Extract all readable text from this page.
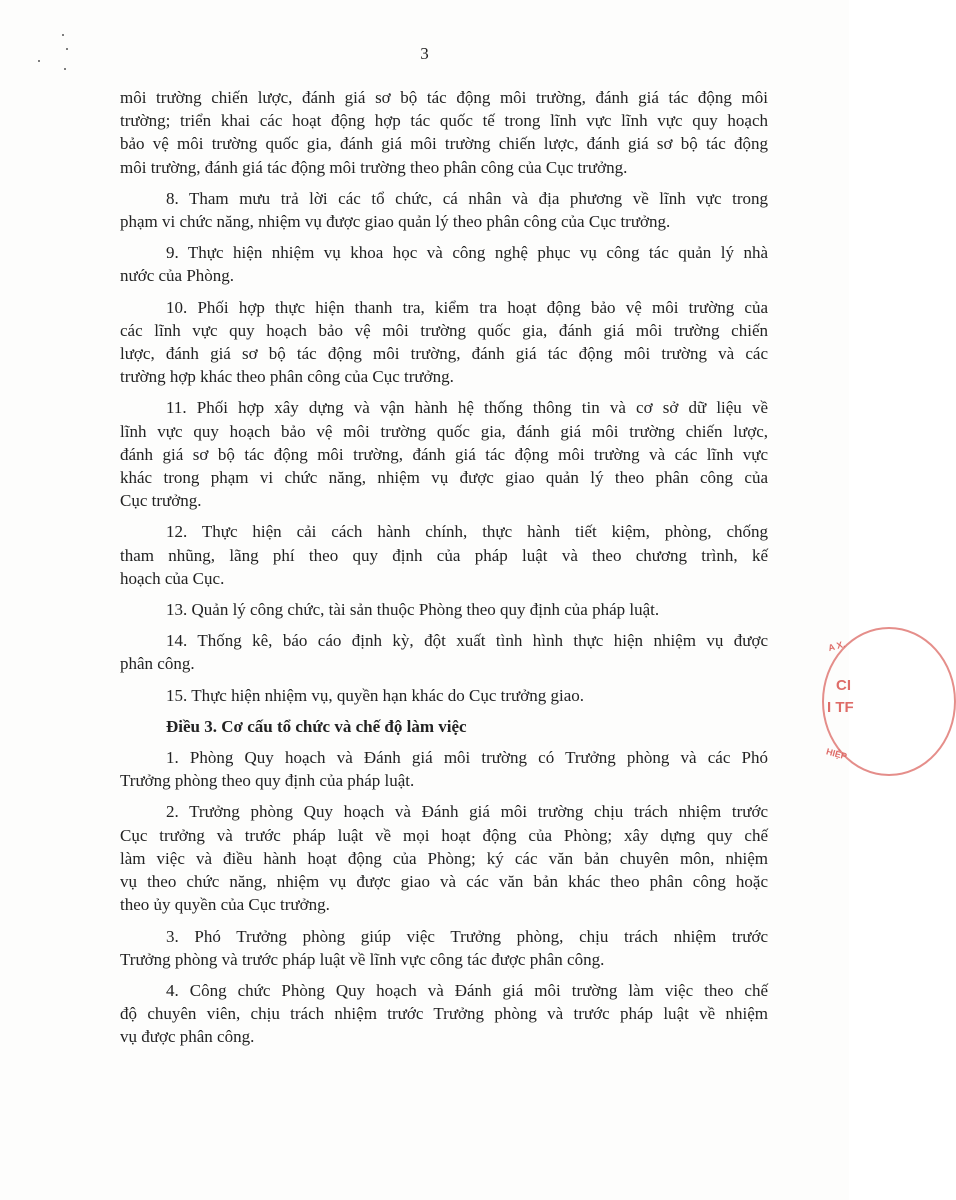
3
môi trường chiến lược, đánh giá sơ bộ tác động môi trường, đánh giá tác động môi
trường; triển khai các hoạt động hợp tác quốc tế trong lĩnh vực lĩnh vực quy hoạch
bảo vệ môi trường quốc gia, đánh giá môi trường chiến lược, đánh giá sơ bộ tác động
môi trường, đánh giá tác động môi trường theo phân công của Cục trưởng.
8. Tham mưu trả lời các tổ chức, cá nhân và địa phương về lĩnh vực trong
phạm vi chức năng, nhiệm vụ được giao quản lý theo phân công của Cục trưởng.
9. Thực hiện nhiệm vụ khoa học và công nghệ phục vụ công tác quản lý nhà
nước của Phòng.
10. Phối hợp thực hiện thanh tra, kiểm tra hoạt động bảo vệ môi trường của
các lĩnh vực quy hoạch bảo vệ môi trường quốc gia, đánh giá môi trường chiến
lược, đánh giá sơ bộ tác động môi trường, đánh giá tác động môi trường và các
trường hợp khác theo phân công của Cục trưởng.
11. Phối hợp xây dựng và vận hành hệ thống thông tin và cơ sở dữ liệu về
lĩnh vực quy hoạch bảo vệ môi trường quốc gia, đánh giá môi trường chiến lược,
đánh giá sơ bộ tác động môi trường, đánh giá tác động môi trường và các lĩnh vực
khác trong phạm vi chức năng, nhiệm vụ được giao quản lý theo phân công của
Cục trưởng.
12. Thực hiện cải cách hành chính, thực hành tiết kiệm, phòng, chống
tham nhũng, lãng phí theo quy định của pháp luật và theo chương trình, kế
hoạch của Cục.
13. Quản lý công chức, tài sản thuộc Phòng theo quy định của pháp luật.
14. Thống kê, báo cáo định kỳ, đột xuất tình hình thực hiện nhiệm vụ được
phân công.
15. Thực hiện nhiệm vụ, quyền hạn khác do Cục trưởng giao.
Điều 3. Cơ cấu tổ chức và chế độ làm việc
1. Phòng Quy hoạch và Đánh giá môi trường có Trưởng phòng và các Phó
Trưởng phòng theo quy định của pháp luật.
2. Trưởng phòng Quy hoạch và Đánh giá môi trường chịu trách nhiệm trước
Cục trưởng và trước pháp luật về mọi hoạt động của Phòng; xây dựng quy chế
làm việc và điều hành hoạt động của Phòng; ký các văn bản chuyên môn, nhiệm
vụ theo chức năng, nhiệm vụ được giao và các văn bản khác theo phân công hoặc
theo ủy quyền của Cục trưởng.
3. Phó Trưởng phòng giúp việc Trưởng phòng, chịu trách nhiệm trước
Trưởng phòng và trước pháp luật về lĩnh vực công tác được phân công.
4. Công chức Phòng Quy hoạch và Đánh giá môi trường làm việc theo chế
độ chuyên viên, chịu trách nhiệm trước Trưởng phòng và trước pháp luật về nhiệm
vụ được phân công.
A X.
CI
I TF
HIỆP
